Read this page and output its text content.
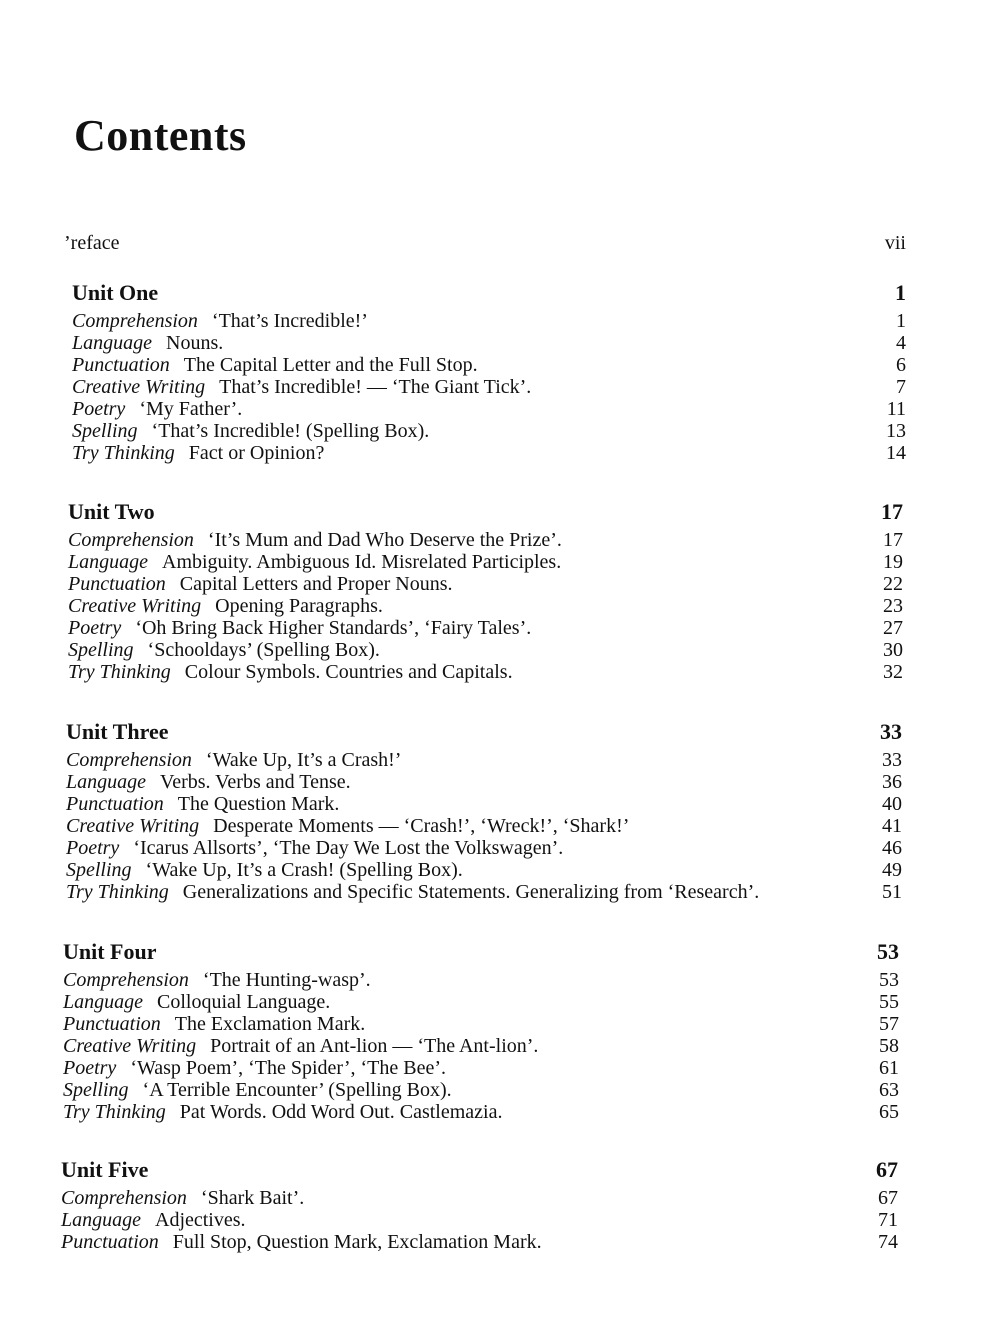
Contents
’reface	vii
Unit One	1
Comprehension ‘That’s Incredible!’	1
Language Nouns.	4
Punctuation The Capital Letter and the Full Stop.	6
Creative Writing That’s Incredible! — ‘The Giant Tick’.	7
Poetry ‘My Father’.	11
Spelling ‘That’s Incredible! (Spelling Box).	13
Try Thinking Fact or Opinion?	14
Unit Two	17
Comprehension ‘It’s Mum and Dad Who Deserve the Prize’.	17
Language Ambiguity. Ambiguous Id. Misrelated Participles.	19
Punctuation Capital Letters and Proper Nouns.	22
Creative Writing Opening Paragraphs.	23
Poetry ‘Oh Bring Back Higher Standards’, ‘Fairy Tales’.	27
Spelling ‘Schooldays’ (Spelling Box).	30
Try Thinking Colour Symbols. Countries and Capitals.	32
Unit Three	33
Comprehension ‘Wake Up, It’s a Crash!’	33
Language Verbs. Verbs and Tense.	36
Punctuation The Question Mark.	40
Creative Writing Desperate Moments — ‘Crash!’, ‘Wreck!’, ‘Shark!’	41
Poetry ‘Icarus Allsorts’, ‘The Day We Lost the Volkswagen’.	46
Spelling ‘Wake Up, It’s a Crash! (Spelling Box).	49
Try Thinking Generalizations and Specific Statements. Generalizing from ‘Research’.	51
Unit Four	53
Comprehension ‘The Hunting-wasp’.	53
Language Colloquial Language.	55
Punctuation The Exclamation Mark.	57
Creative Writing Portrait of an Ant-lion — ‘The Ant-lion’.	58
Poetry ‘Wasp Poem’, ‘The Spider’, ‘The Bee’.	61
Spelling ‘A Terrible Encounter’ (Spelling Box).	63
Try Thinking Pat Words. Odd Word Out. Castlemazia.	65
Unit Five	67
Comprehension ‘Shark Bait’.	67
Language Adjectives.	71
Punctuation Full Stop, Question Mark, Exclamation Mark.	74
